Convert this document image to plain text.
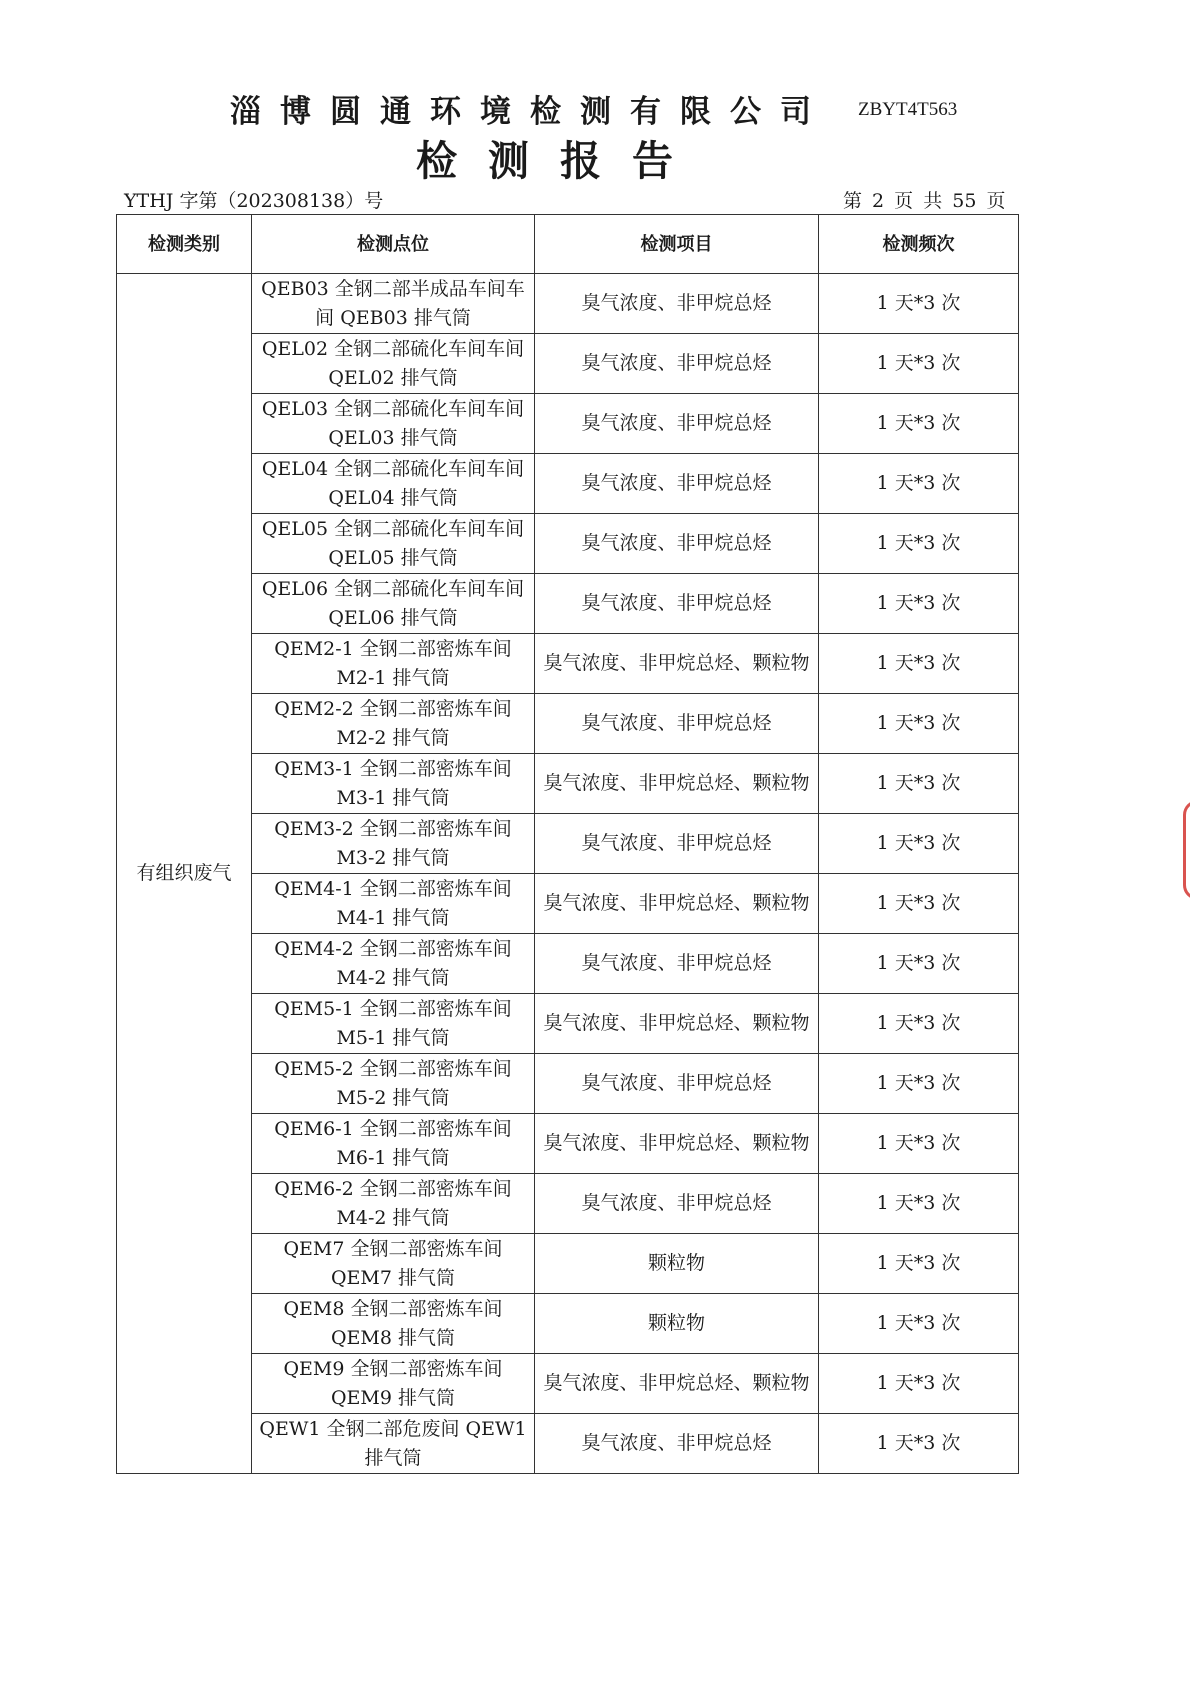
淄博圆通环境检测有限公司 ZBYT4T563
检测报告
YTHJ 字第（202308138）号	第 2 页 共 55 页
检测类别	检测点位	检测项目	检测频次
有组织废气	QEB03 全钢二部半成品车间车间 QEB03 排气筒	臭气浓度、非甲烷总烃	1 天*3 次
	QEL02 全钢二部硫化车间车间 QEL02 排气筒	臭气浓度、非甲烷总烃	1 天*3 次
	QEL03 全钢二部硫化车间车间 QEL03 排气筒	臭气浓度、非甲烷总烃	1 天*3 次
	QEL04 全钢二部硫化车间车间 QEL04 排气筒	臭气浓度、非甲烷总烃	1 天*3 次
	QEL05 全钢二部硫化车间车间 QEL05 排气筒	臭气浓度、非甲烷总烃	1 天*3 次
	QEL06 全钢二部硫化车间车间 QEL06 排气筒	臭气浓度、非甲烷总烃	1 天*3 次
	QEM2-1 全钢二部密炼车间 M2-1 排气筒	臭气浓度、非甲烷总烃、颗粒物	1 天*3 次
	QEM2-2 全钢二部密炼车间 M2-2 排气筒	臭气浓度、非甲烷总烃	1 天*3 次
	QEM3-1 全钢二部密炼车间 M3-1 排气筒	臭气浓度、非甲烷总烃、颗粒物	1 天*3 次
	QEM3-2 全钢二部密炼车间 M3-2 排气筒	臭气浓度、非甲烷总烃	1 天*3 次
	QEM4-1 全钢二部密炼车间 M4-1 排气筒	臭气浓度、非甲烷总烃、颗粒物	1 天*3 次
	QEM4-2 全钢二部密炼车间 M4-2 排气筒	臭气浓度、非甲烷总烃	1 天*3 次
	QEM5-1 全钢二部密炼车间 M5-1 排气筒	臭气浓度、非甲烷总烃、颗粒物	1 天*3 次
	QEM5-2 全钢二部密炼车间 M5-2 排气筒	臭气浓度、非甲烷总烃	1 天*3 次
	QEM6-1 全钢二部密炼车间 M6-1 排气筒	臭气浓度、非甲烷总烃、颗粒物	1 天*3 次
	QEM6-2 全钢二部密炼车间 M4-2 排气筒	臭气浓度、非甲烷总烃	1 天*3 次
	QEM7 全钢二部密炼车间 QEM7 排气筒	颗粒物	1 天*3 次
	QEM8 全钢二部密炼车间 QEM8 排气筒	颗粒物	1 天*3 次
	QEM9 全钢二部密炼车间 QEM9 排气筒	臭气浓度、非甲烷总烃、颗粒物	1 天*3 次
	QEW1 全钢二部危废间 QEW1 排气筒	臭气浓度、非甲烷总烃	1 天*3 次
